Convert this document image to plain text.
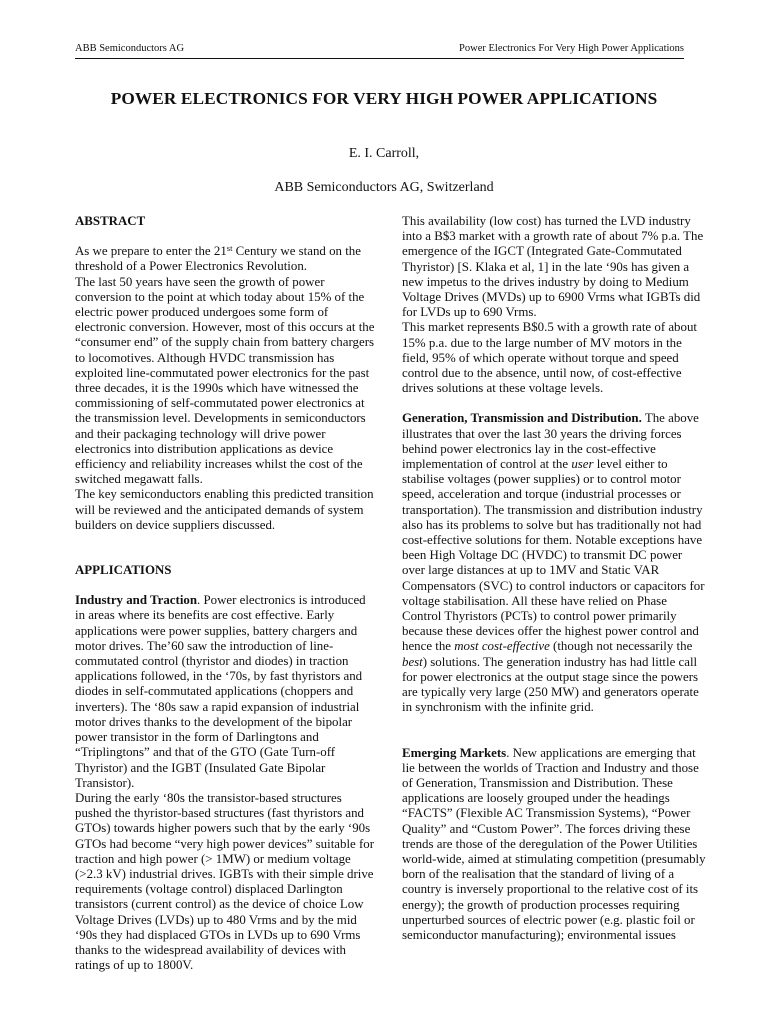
ABB Semiconductors AG	Power Electronics For Very High Power Applications
POWER ELECTRONICS FOR VERY HIGH POWER APPLICATIONS
E. I. Carroll,
ABB Semiconductors AG, Switzerland
ABSTRACT

As we prepare to enter the 21st Century we stand on the threshold of a Power Electronics Revolution.

The last 50 years have seen the growth of power conversion to the point at which today about 15% of the electric power produced undergoes some form of electronic conversion. However, most of this occurs at the “consumer end” of the supply chain from battery chargers to locomotives. Although HVDC transmission has exploited line-commutated power electronics for the past three decades, it is the 1990s which have witnessed the commissioning of self-commutated power electronics at the transmission level. Developments in semiconductors and their packaging technology will drive power electronics into distribution applications as device efficiency and reliability increases whilst the cost of the switched megawatt falls.

The key semiconductors enabling this predicted transition will be reviewed and the anticipated demands of system builders on device suppliers discussed.

APPLICATIONS

Industry and Traction. Power electronics is introduced in areas where its benefits are cost effective. Early applications were power supplies, battery chargers and motor drives. The’60 saw the introduction of line-commutated control (thyristor and diodes) in traction applications followed, in the ‘70s, by fast thyristors and diodes in self-commutated applications (choppers and inverters). The ‘80s saw a rapid expansion of industrial motor drives thanks to the development of the bipolar power transistor in the form of Darlingtons and “Triplingtons” and that of the GTO (Gate Turn-off Thyristor) and the IGBT (Insulated Gate Bipolar Transistor).

During the early ‘80s the transistor-based structures pushed the thyristor-based structures (fast thyristors and GTOs) towards higher powers such that by the early ‘90s GTOs had become “very high power devices” suitable for traction and high power (> 1MW) or medium voltage (>2.3 kV) industrial drives. IGBTs with their simple drive requirements (voltage control) displaced Darlington transistors (current control) as the device of choice Low Voltage Drives (LVDs) up to 480 Vrms and by the mid ‘90s they had displaced GTOs in LVDs up to 690 Vrms thanks to the widespread availability of devices with ratings of up to 1800V.

This availability (low cost) has turned the LVD industry into a B$3 market with a growth rate of about 7% p.a. The emergence of the IGCT (Integrated Gate-Commutated Thyristor) [S. Klaka et al, 1] in the late ‘90s has given a new impetus to the drives industry by doing to Medium Voltage Drives (MVDs) up to 6900 Vrms what IGBTs did for LVDs up to 690 Vrms.

This market represents B$0.5 with a growth rate of about 15% p.a. due to the large number of MV motors in the field, 95% of which operate without torque and speed control due to the absence, until now, of cost-effective drives solutions at these voltage levels.

Generation, Transmission and Distribution. The above illustrates that over the last 30 years the driving forces behind power electronics lay in the cost-effective implementation of control at the user level either to stabilise voltages (power supplies) or to control motor speed, acceleration and torque (industrial processes or transportation). The transmission and distribution industry also has its problems to solve but has traditionally not had cost-effective solutions for them. Notable exceptions have been High Voltage DC (HVDC) to transmit DC power over large distances at up to 1MV and Static VAR Compensators (SVC) to control inductors or capacitors for voltage stabilisation. All these have relied on Phase Control Thyristors (PCTs) to control power primarily because these devices offer the highest power control and hence the most cost-effective (though not necessarily the best) solutions. The generation industry has had little call for power electronics at the output stage since the powers are typically very large (250 MW) and generators operate in synchronism with the infinite grid.

Emerging Markets. New applications are emerging that lie between the worlds of Traction and Industry and those of Generation, Transmission and Distribution. These applications are loosely grouped under the headings “FACTS” (Flexible AC Transmission Systems), “Power Quality” and “Custom Power”. The forces driving these trends are those of the deregulation of the Power Utilities world-wide, aimed at stimulating competition (presumably born of the realisation that the standard of living of a country is inversely proportional to the relative cost of its energy); the growth of production processes requiring unperturbed sources of electric power (e.g. plastic foil or semiconductor manufacturing); environmental issues
